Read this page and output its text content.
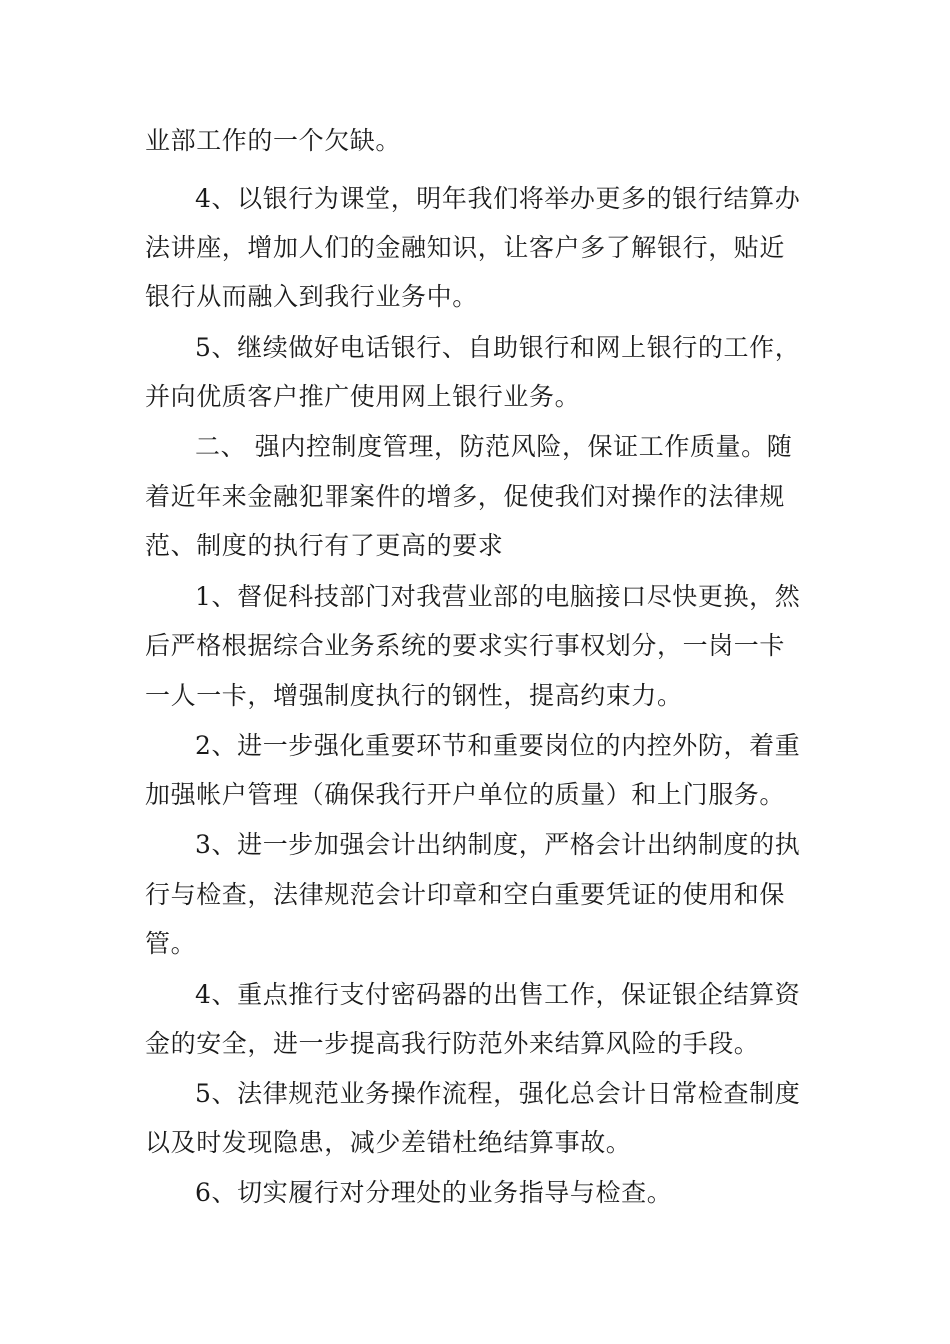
业部工作的一个欠缺。
4、以银行为课堂，明年我们将举办更多的银行结算办
法讲座，增加人们的金融知识，让客户多了解银行，贴近
银行从而融入到我行业务中。
5、继续做好电话银行、自助银行和网上银行的工作，
并向优质客户推广使用网上银行业务。
二、 强内控制度管理，防范风险，保证工作质量。随
着近年来金融犯罪案件的增多，促使我们对操作的法律规
范、制度的执行有了更高的要求
1、督促科技部门对我营业部的电脑接口尽快更换，然
后严格根据综合业务系统的要求实行事权划分，一岗一卡
一人一卡，增强制度执行的钢性，提高约束力。
2、进一步强化重要环节和重要岗位的内控外防，着重
加强帐户管理（确保我行开户单位的质量）和上门服务。
3、进一步加强会计出纳制度，严格会计出纳制度的执
行与检查，法律规范会计印章和空白重要凭证的使用和保
管。
4、重点推行支付密码器的出售工作，保证银企结算资
金的安全，进一步提高我行防范外来结算风险的手段。
5、法律规范业务操作流程，强化总会计日常检查制度
以及时发现隐患，减少差错杜绝结算事故。
6、切实履行对分理处的业务指导与检查。
